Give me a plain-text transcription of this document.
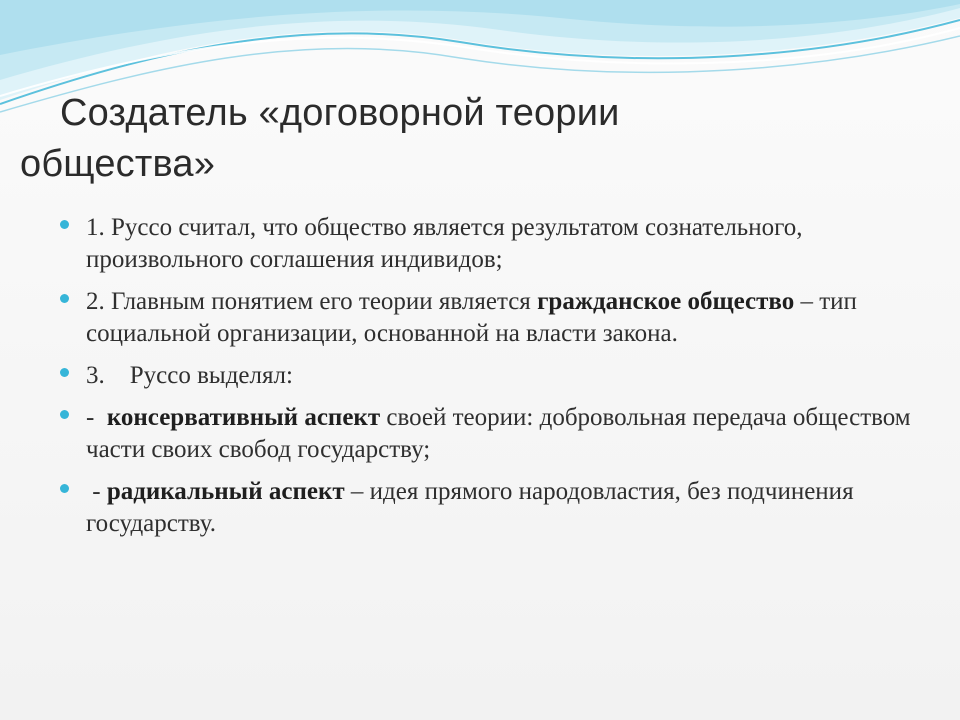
Создатель «договорной теории
общества»
1. Руссо считал, что общество является результатом сознательного, произвольного соглашения индивидов;
2. Главным понятием его теории является гражданское общество – тип социальной организации, основанной на власти закона.
3.    Руссо выделял:
-  консервативный аспект своей теории: добровольная передача обществом части своих свобод государству;
- радикальный аспект – идея прямого народовластия, без подчинения государству.
